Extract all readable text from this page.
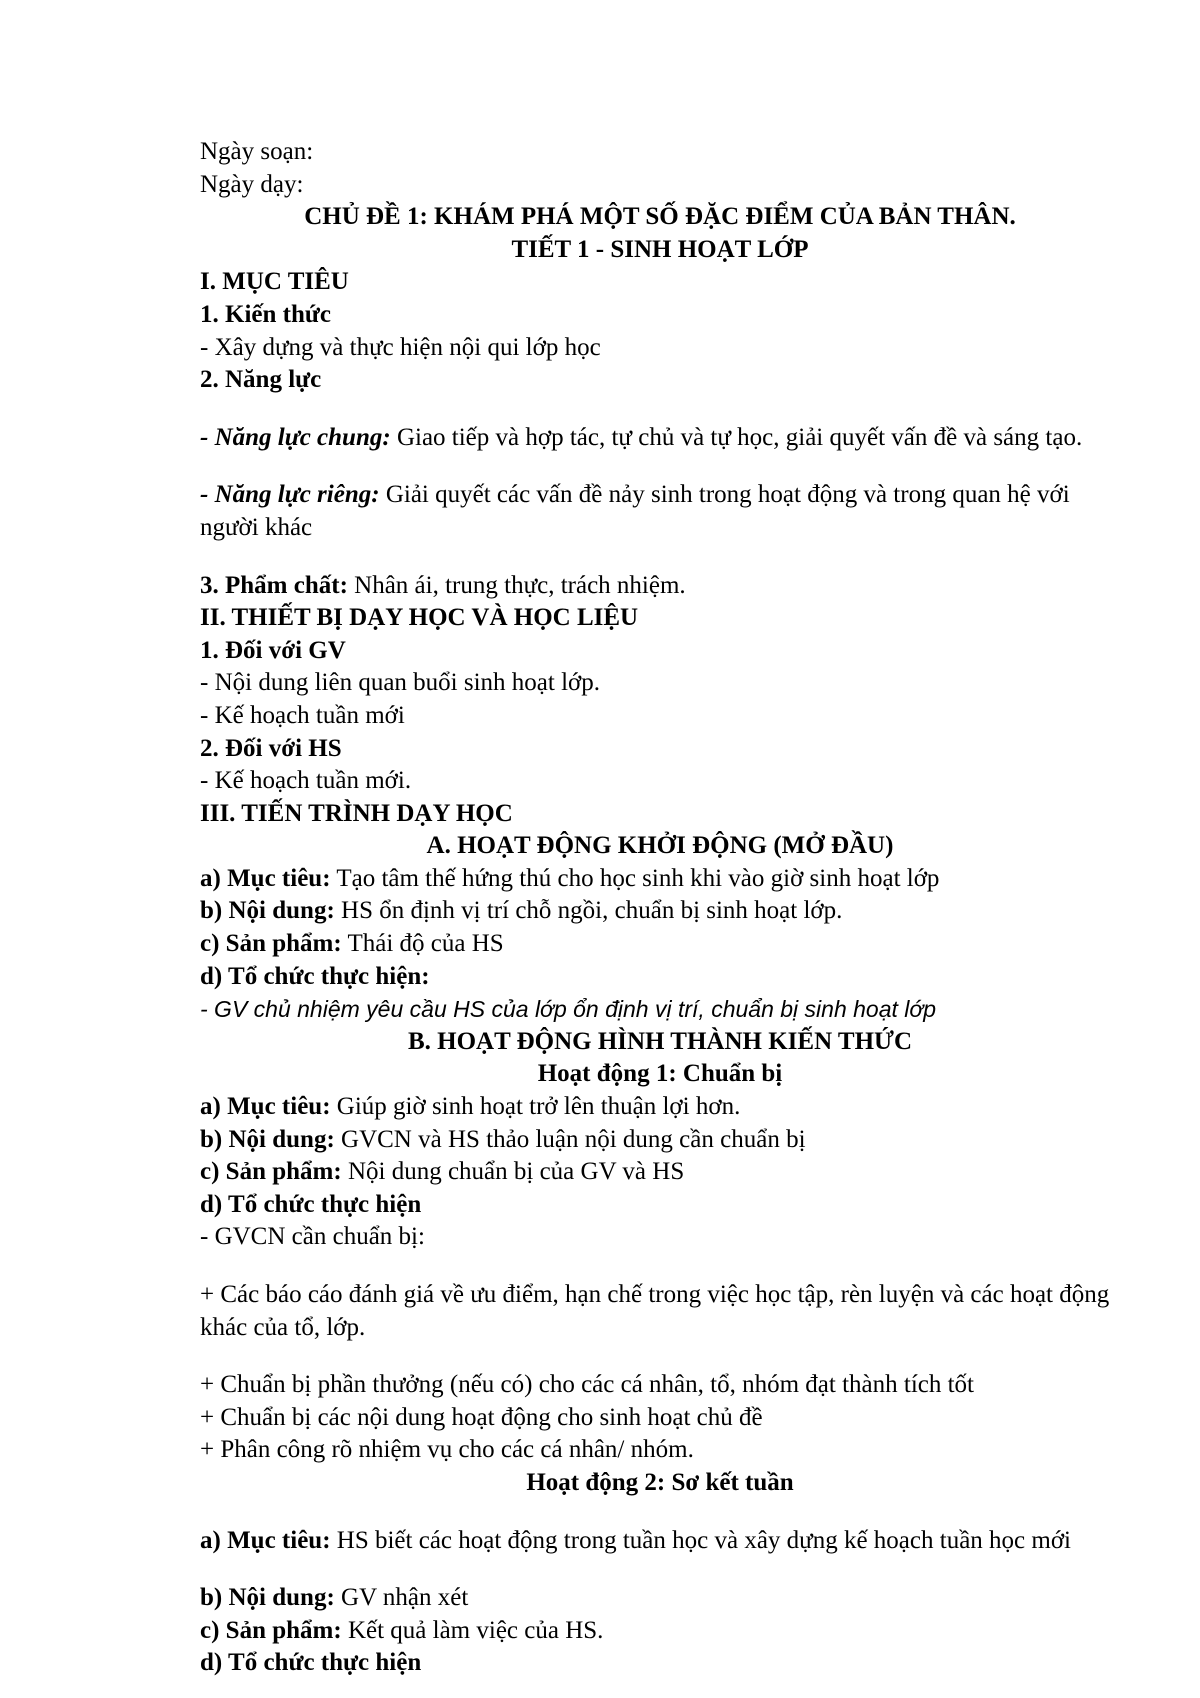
Ngày soạn:

Ngày dạy:

CHỦ ĐỀ 1: KHÁM PHÁ MỘT SỐ ĐẶC ĐIỂM CỦA BẢN THÂN.

TIẾT 1 - SINH HOẠT LỚP

I. MỤC TIÊU

1. Kiến thức

- Xây dựng và thực hiện nội qui lớp học

2. Năng lực

- Năng lực chung: Giao tiếp và hợp tác, tự chủ và tự học, giải quyết vấn đề và sáng tạo.

- Năng lực riêng: Giải quyết các vấn đề nảy sinh trong hoạt động và trong quan hệ với người khác

3. Phẩm chất: Nhân ái, trung thực, trách nhiệm.

II. THIẾT BỊ DẠY HỌC VÀ HỌC LIỆU

1. Đối với GV

- Nội dung liên quan buổi sinh hoạt lớp.

- Kế hoạch tuần mới

2. Đối với HS

- Kế hoạch tuần mới.

III. TIẾN TRÌNH DẠY HỌC

A. HOẠT ĐỘNG KHỞI ĐỘNG (MỞ ĐẦU)

a) Mục tiêu: Tạo tâm thế hứng thú cho học sinh khi vào giờ sinh hoạt lớp

b) Nội dung: HS ổn định vị trí chỗ ngồi, chuẩn bị sinh hoạt lớp.

c) Sản phẩm: Thái độ của HS

d) Tổ chức thực hiện:

- GV chủ nhiệm yêu cầu HS của lớp ổn định vị trí, chuẩn bị sinh hoạt lớp

B. HOẠT ĐỘNG HÌNH THÀNH KIẾN THỨC

Hoạt động 1: Chuẩn bị

a) Mục tiêu: Giúp giờ sinh hoạt trở lên thuận lợi hơn.

b) Nội dung: GVCN và HS thảo luận nội dung cần chuẩn bị

c) Sản phẩm: Nội dung chuẩn bị của GV và HS

d) Tổ chức thực hiện

- GVCN cần chuẩn bị:

+ Các báo cáo đánh giá về ưu điểm, hạn chế trong việc học tập, rèn luyện và các hoạt động khác của tổ, lớp.

+ Chuẩn bị phần thưởng (nếu có) cho các cá nhân, tổ, nhóm đạt thành tích tốt

+ Chuẩn bị các nội dung hoạt động cho sinh hoạt chủ đề

+ Phân công rõ nhiệm vụ cho các cá nhân/ nhóm.

Hoạt động 2: Sơ kết tuần

a) Mục tiêu: HS biết các hoạt động trong tuần học và xây dựng kế hoạch tuần học mới

b) Nội dung: GV nhận xét

c) Sản phẩm: Kết quả làm việc của HS.

d) Tổ chức thực hiện
